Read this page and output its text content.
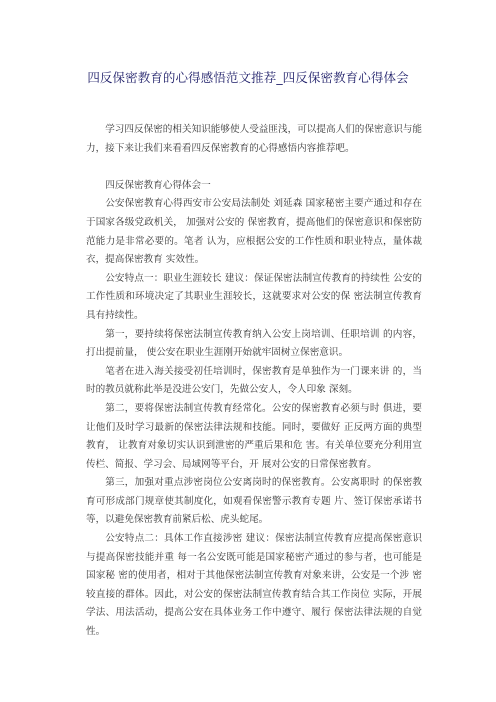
四反保密教育的心得感悟范文推荐_四反保密教育心得体会

学习四反保密的相关知识能够使人受益匪浅，可以提高人们的保密意识与能力，接下来让我们来看看四反保密教育的心得感悟内容推荐吧。

四反保密教育心得体会一

公安保密教育心得西安市公安局法制处 刘延森 国家秘密主要产通过和存在于国家各级党政机关， 加强对公安的 保密教育，提高他们的保密意识和保密防范能力是非常必要的。笔者 认为，应根据公安的工作性质和职业特点，量体裁衣，提高保密教育 实效性。

公安特点一：职业生涯较长 建议：保证保密法制宣传教育的持续性 公安的工作性质和环境决定了其职业生涯较长，这就要求对公安的保 密法制宣传教育具有持续性。

第一，要持续将保密法制宣传教育纳入公安上岗培训、任职培训 的内容，打出提前量， 使公安在职业生涯刚开始就牢固树立保密意识。

笔者在进入海关接受初任培训时，保密教育是单独作为一门课来讲 的，当时的教员就称此举是没进公安门，先做公安人，令人印象 深刻。

第二，要将保密法制宣传教育经常化。公安的保密教育必须与时 俱进，要让他们及时学习最新的保密法律法规和技能。同时，要做好 正反两方面的典型教育， 让教育对象切实认识到泄密的严重后果和危 害。有关单位要充分利用宣传栏、简报、学习会、局域网等平台，开 展对公安的日常保密教育。

第三，加强对重点涉密岗位公安离岗时的保密教育。公安离职时 的保密教育可形成部门规章使其制度化，如观看保密警示教育专题 片、签订保密承诺书等，以避免保密教育前紧后松、虎头蛇尾。

公安特点二：具体工作直接涉密 建议：保密法制宣传教育应提高保密意识与提高保密技能并重 每一名公安既可能是国家秘密产通过的参与者，也可能是国家秘 密的使用者，相对于其他保密法制宣传教育对象来讲，公安是一个涉 密较直接的群体。因此，对公安的保密法制宣传教育结合其工作岗位 实际，开展学法、用法活动，提高公安在具体业务工作中遵守、履行 保密法律法规的自觉性。
